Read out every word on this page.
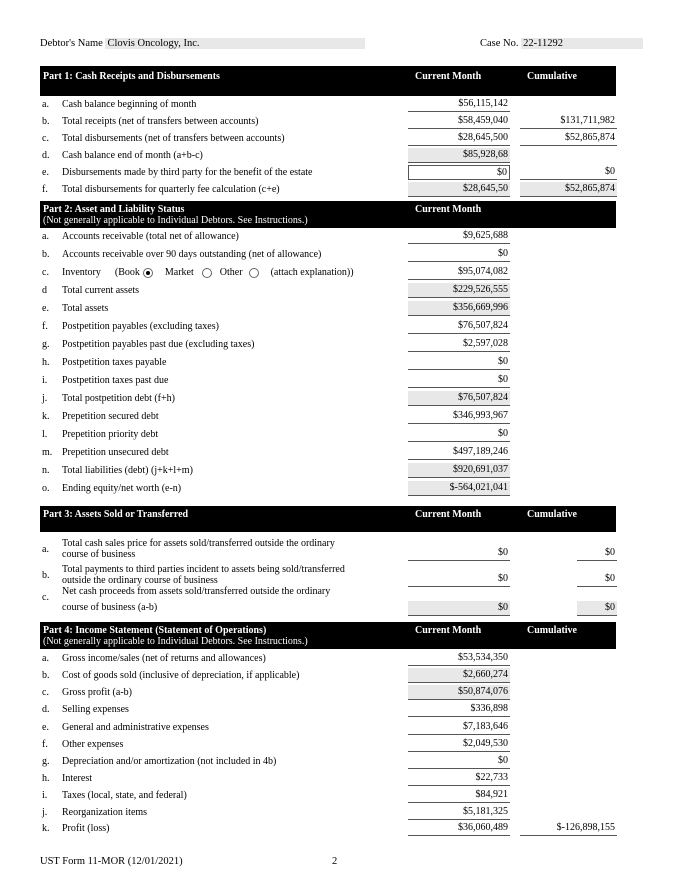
Debtor's Name Clovis Oncology, Inc.	Case No. 22-11292
Part 1: Cash Receipts and Disbursements	Current Month	Cumulative
a. Cash balance beginning of month	$56,115,142
b. Total receipts (net of transfers between accounts)	$58,459,040	$131,711,982
c. Total disbursements (net of transfers between accounts)	$28,645,500	$52,865,874
d. Cash balance end of month (a+b-c)	$85,928,68
e. Disbursements made by third party for the benefit of the estate	$0	$0
f. Total disbursements for quarterly fee calculation (c+e)	$28,645,50	$52,865,874
Part 2: Asset and Liability Status
(Not generally applicable to Individual Debtors. See Instructions.)
Current Month
a. Accounts receivable (total net of allowance)	$9,625,688
b. Accounts receivable over 90 days outstanding (net of allowance)	$0
c. Inventory (Book	Market	Other	(attach explanation))	$95,074,082
d Total current assets	$229,526,555
e. Total assets	$356,669,996
f. Postpetition payables (excluding taxes)	$76,507,824
g. Postpetition payables past due (excluding taxes)	$2,597,028
h. Postpetition taxes payable	$0
i. Postpetition taxes past due	$0
j. Total postpetition debt (f+h)	$76,507,824
k. Prepetition secured debt	$346,993,967
l. Prepetition priority debt	$0
m. Prepetition unsecured debt	$497,189,246
n. Total liabilities (debt) (j+k+l+m)	$920,691,037
o. Ending equity/net worth (e-n)	$-564,021,041
Part 3: Assets Sold or Transferred	Current Month	Cumulative
a.
Total cash sales price for assets sold/transferred outside the ordinary
course of business	$0	$0
b.
Total payments to third parties incident to assets being sold/transferred
outside the ordinary course of business	$0	$0
c.
Net cash proceeds from assets sold/transferred outside the ordinary
course of business (a-b)	$0	$0
Part 4: Income Statement (Statement of Operations)
(Not generally applicable to Individual Debtors. See Instructions.)
Current Month	Cumulative
a. Gross income/sales (net of returns and allowances)	$53,534,350
b. Cost of goods sold (inclusive of depreciation, if applicable)	$2,660,274
c. Gross profit (a-b)	$50,874,076
d. Selling expenses	$336,898
e. General and administrative expenses	$7,183,646
f. Other expenses	$2,049,530
g. Depreciation and/or amortization (not included in 4b)	$0
h. Interest	$22,733
i. Taxes (local, state, and federal)	$84,921
j. Reorganization items	$5,181,325
k. Profit (loss)	$36,060,489	$-126,898,155
UST Form 11-MOR (12/01/2021)	2
